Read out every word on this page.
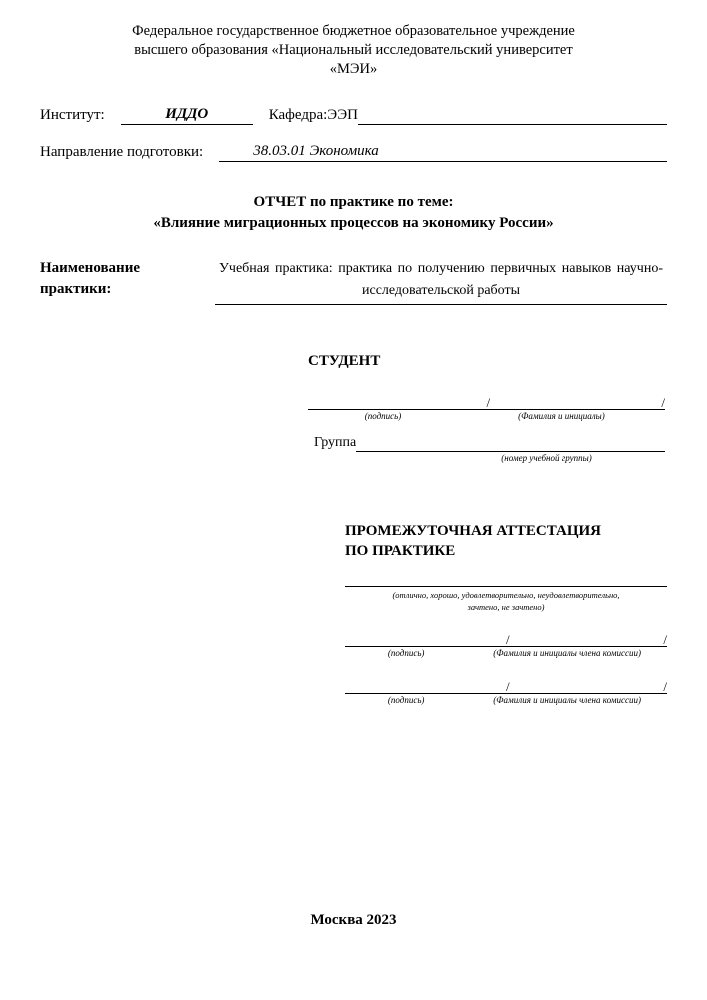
Федеральное государственное бюджетное образовательное учреждение
высшего образования «Национальный исследовательский университет
«МЭИ»
Институт:	ИДДО	Кафедра:ЭЭП
Направление подготовки:	38.03.01 Экономика
ОТЧЕТ по практике по теме:
«Влияние миграционных процессов на экономику России»
Наименование
практики:
Учебная практика: практика по получению первичных навыков научно-исследовательской работы
СТУДЕНТ
/	/
(подпись)	(Фамилия и инициалы)
Группа
(номер учебной группы)
ПРОМЕЖУТОЧНАЯ АТТЕСТАЦИЯ
ПО ПРАКТИКЕ
(отлично, хорошо, удовлетворительно, неудовлетворительно,
зачтено, не зачтено)
/	/
(подпись)	(Фамилия и инициалы члена комиссии)
/	/
(подпись)	(Фамилия и инициалы члена комиссии)
Москва 2023
